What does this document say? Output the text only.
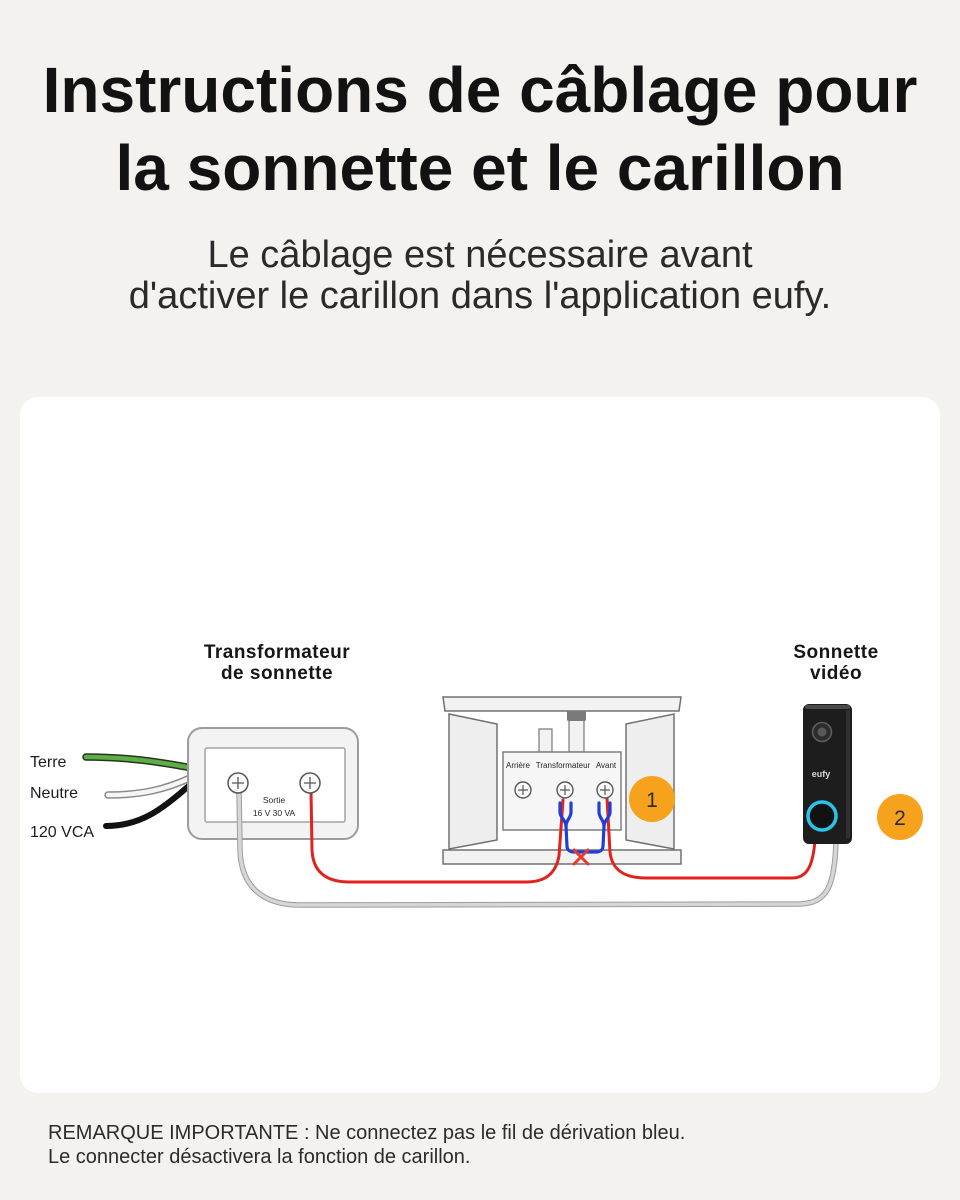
Instructions de câblage pour
la sonnette et le carillon
Le câblage est nécessaire avant
d'activer le carillon dans l'application eufy.
Transformateur
de sonnette
Sonnette
vidéo
Terre
Neutre
120 VCA
Sortie
16 V 30 VA
Arrière Transformateur Avant
1
eufy
2
REMARQUE IMPORTANTE : Ne connectez pas le fil de dérivation bleu.
Le connecter désactivera la fonction de carillon.
